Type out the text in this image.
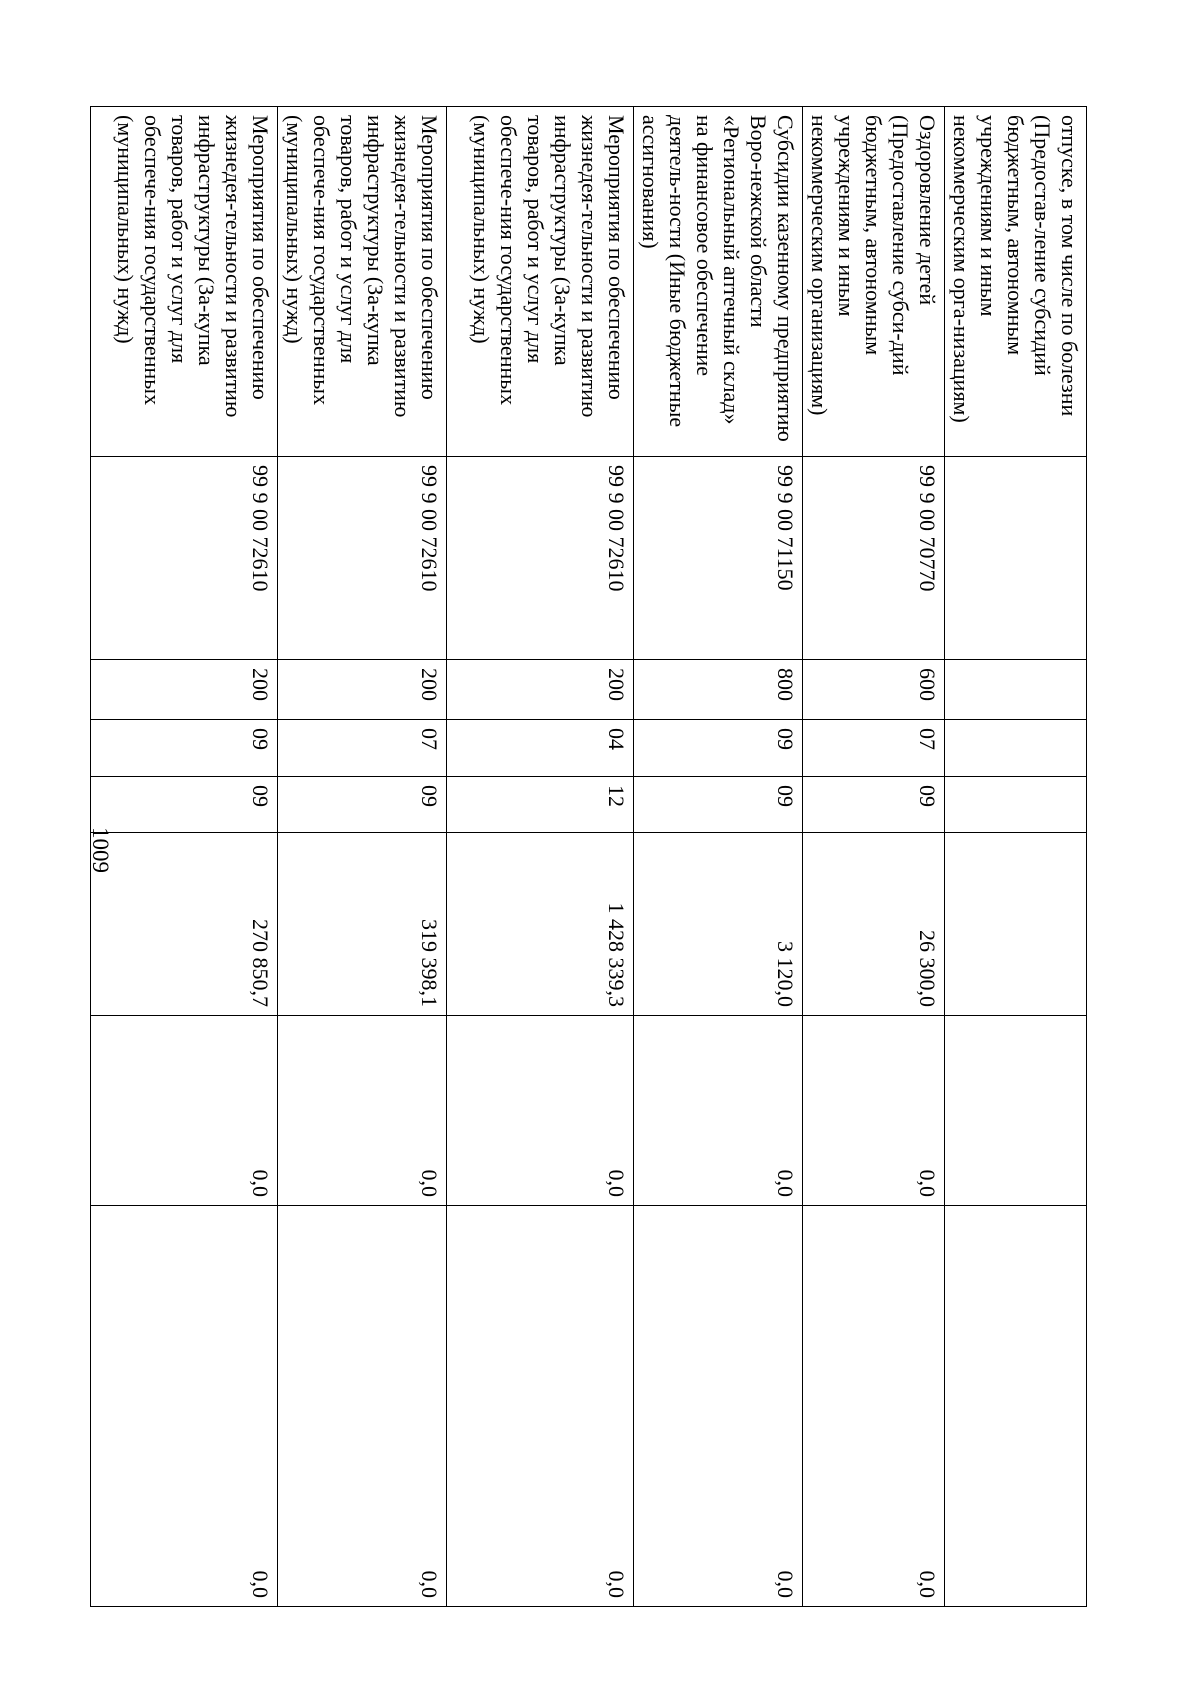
1009
отпуске, в том числе по болезни (Предостав-ление субсидий бюджетным, автономным учреждениям и иным некоммерческим орга-низациям)							
Оздоровление детей (Предоставление субси-дий бюджетным, автономным учреждениям и иным некоммерческим организациям)	99 9 00 70770	600	07	09	26 300,0	0,0	0,0
Субсидии казенному предприятию Воро-нежской области «Региональный аптечный склад» на финансовое обеспечение деятель-ности (Иные бюджетные ассигнования)	99 9 00 71150	800	09	09	3 120,0	0,0	0,0
Мероприятия по обеспечению жизнедея-тельности и развитию инфраструктуры (За-купка товаров, работ и услуг для обеспече-ния государственных (муниципальных) нужд)	99 9 00 72610	200	04	12	1 428 339,3	0,0	0,0
Мероприятия по обеспечению жизнедея-тельности и развитию инфраструктуры (За-купка товаров, работ и услуг для обеспече-ния государственных (муниципальных) нужд)	99 9 00 72610	200	07	09	319 398,1	0,0	0,0
Мероприятия по обеспечению жизнедея-тельности и развитию инфраструктуры (За-купка товаров, работ и услуг для обеспече-ния государственных (муниципальных) нужд)	99 9 00 72610	200	09	09	270 850,7	0,0	0,0
